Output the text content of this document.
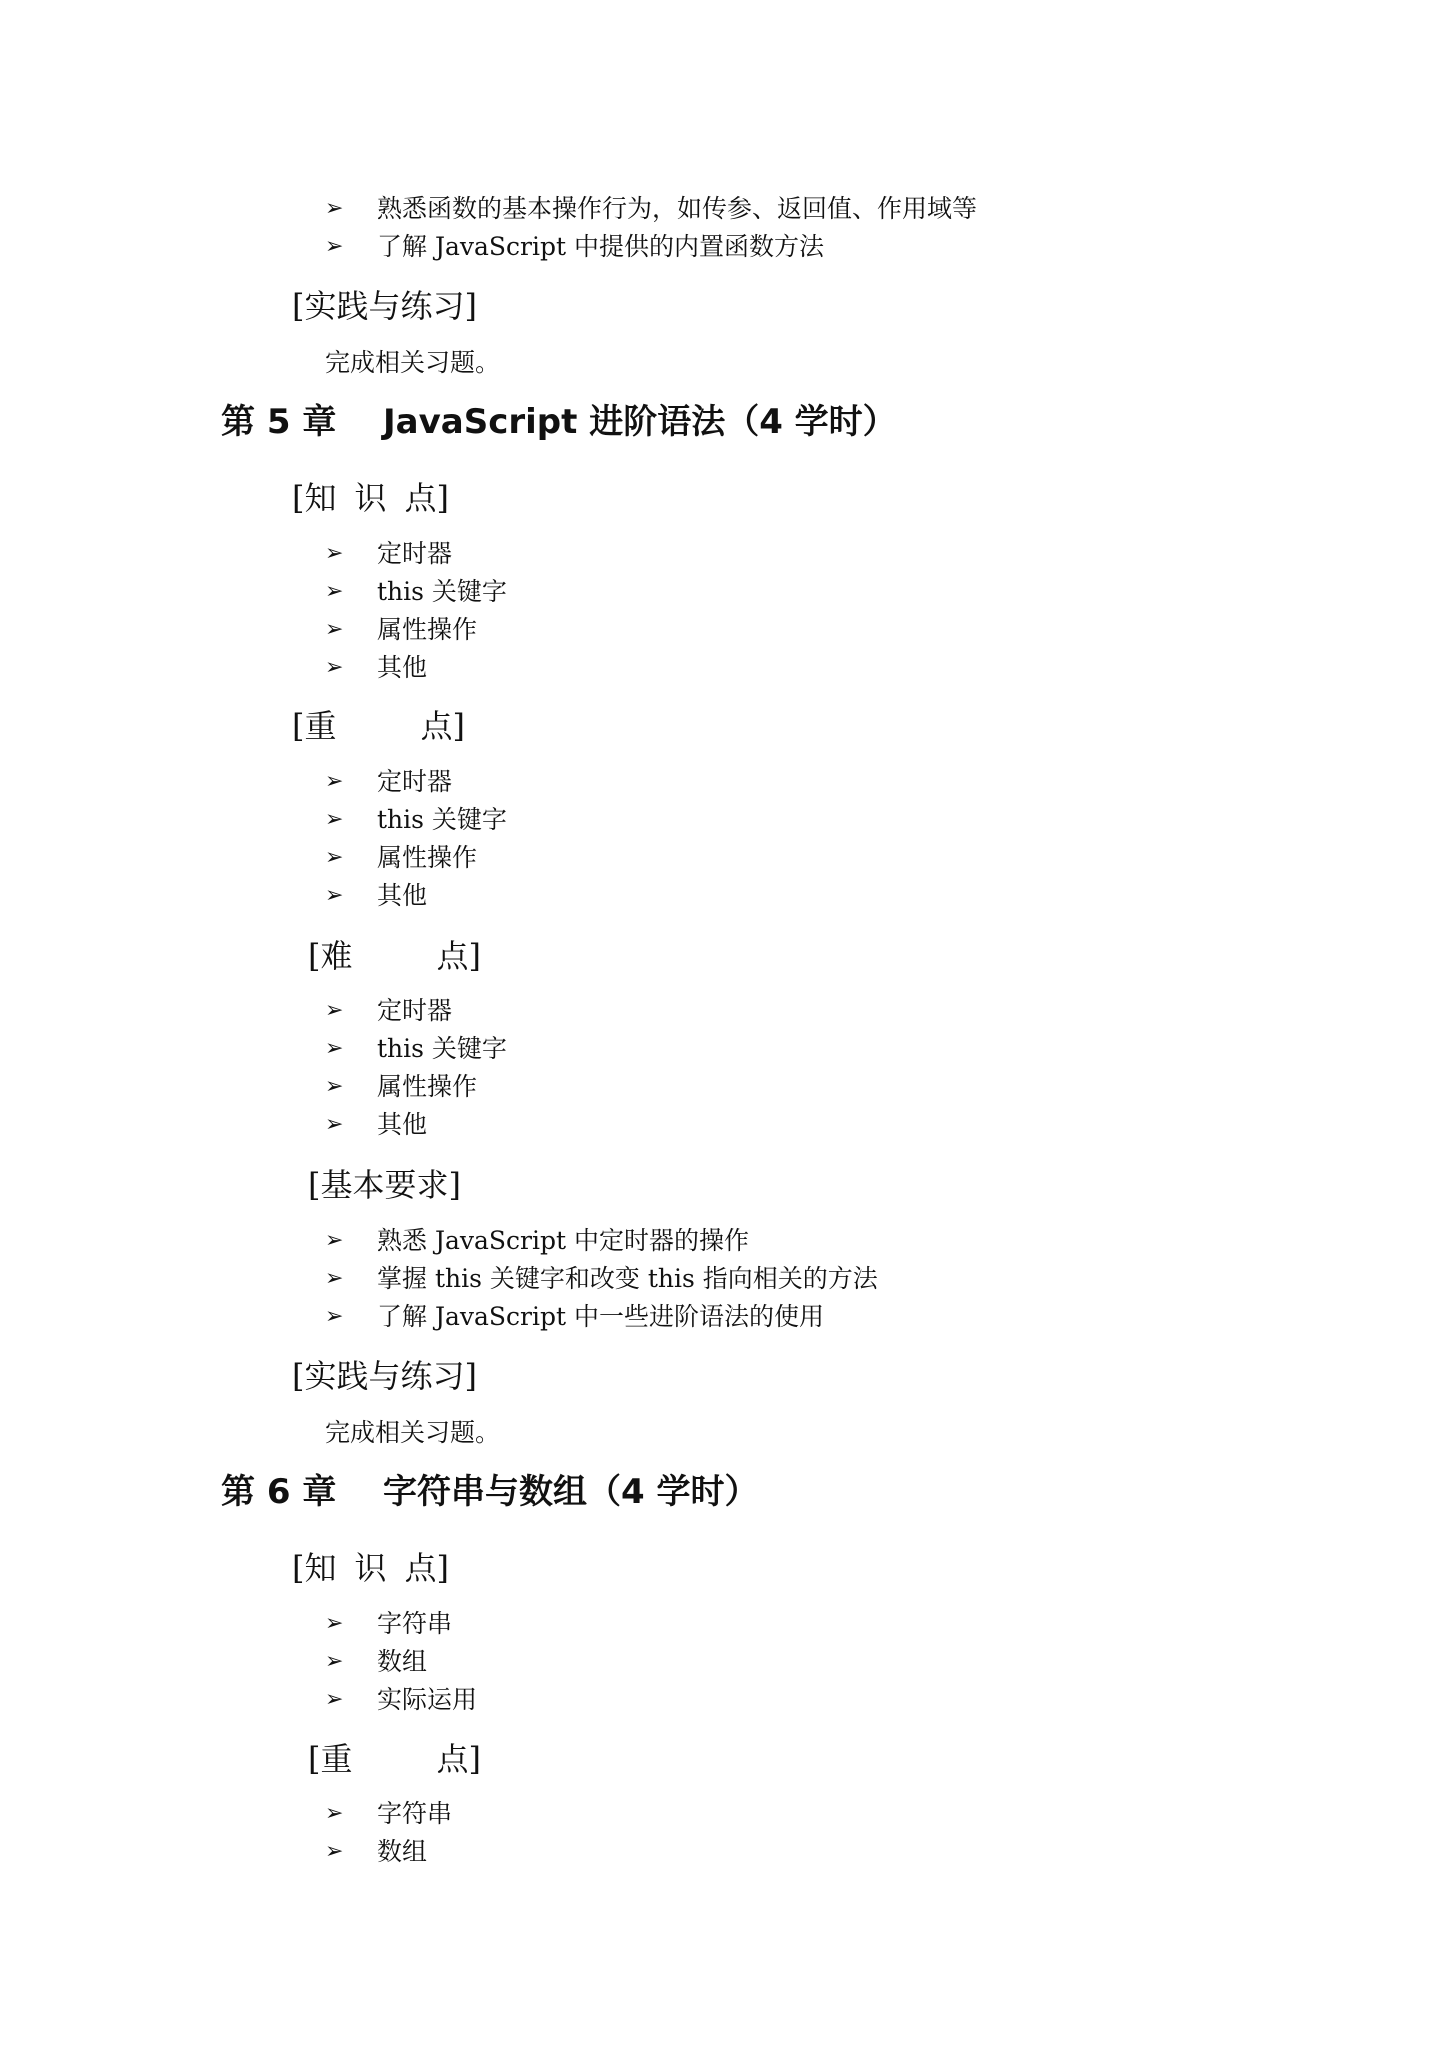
➢ 熟悉函数的基本操作行为，如传参、返回值、作用域等
➢ 了解 JavaScript 中提供的内置函数方法
[实践与练习]
完成相关习题。
第 5 章 JavaScript 进阶语法（4 学时）
[知 识 点]
➢ 定时器
➢ this 关键字
➢ 属性操作
➢ 其他
[重	点]
➢ 定时器
➢ this 关键字
➢ 属性操作
➢ 其他
[难	点]
➢ 定时器
➢ this 关键字
➢ 属性操作
➢ 其他
[基本要求]
➢ 熟悉 JavaScript 中定时器的操作
➢ 掌握 this 关键字和改变 this 指向相关的方法
➢ 了解 JavaScript 中一些进阶语法的使用
[实践与练习]
完成相关习题。
第 6 章 字符串与数组（4 学时）
[知 识 点]
➢ 字符串
➢ 数组
➢ 实际运用
[重	点]
➢ 字符串
➢ 数组
